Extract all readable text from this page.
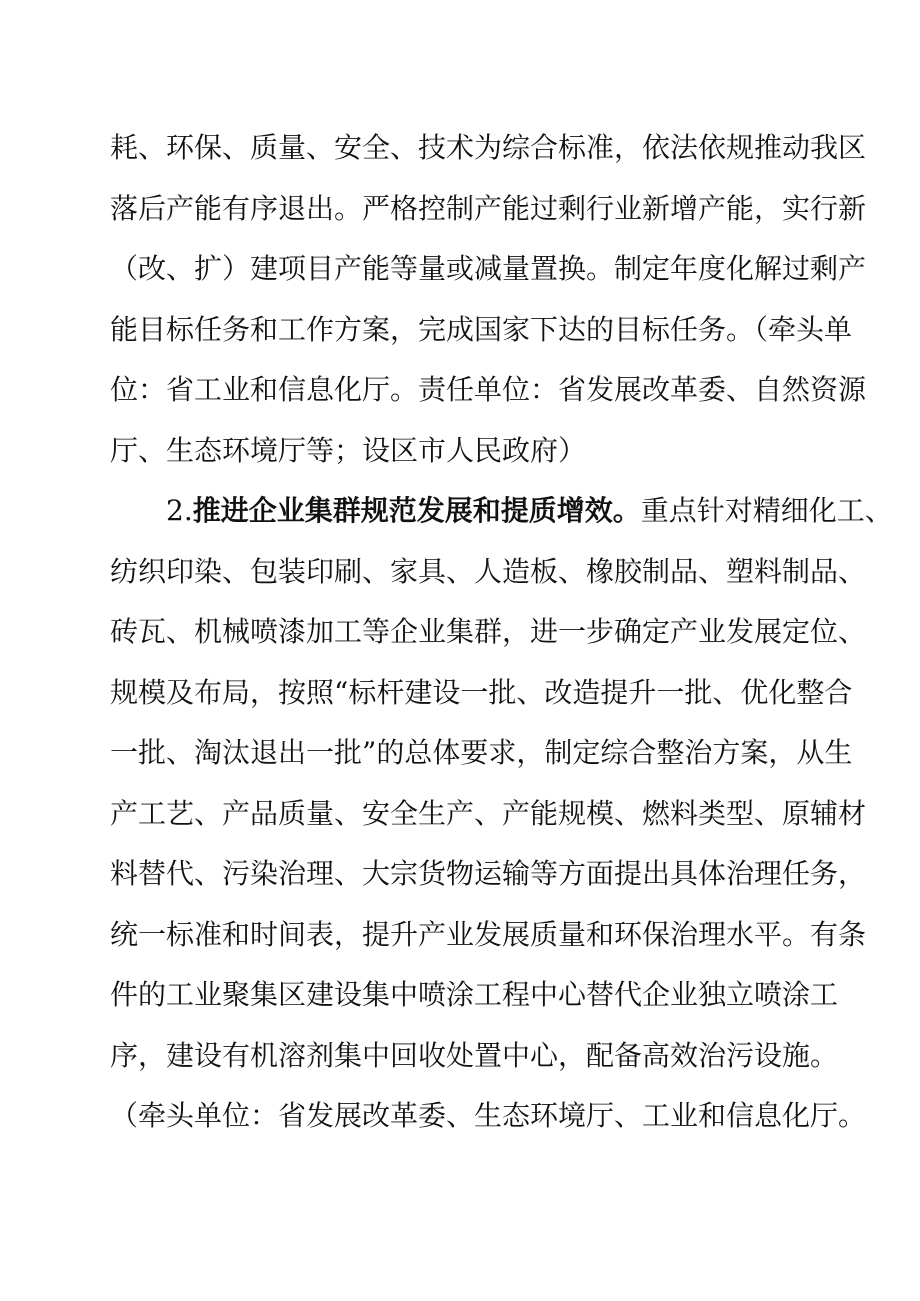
耗、环保、质量、安全、技术为综合标准，依法依规推动我区
落后产能有序退出。严格控制产能过剩行业新增产能，实行新
（改、扩）建项目产能等量或减量置换。制定年度化解过剩产
能目标任务和工作方案，完成国家下达的目标任务。（牵头单
位：省工业和信息化厅。责任单位：省发展改革委、自然资源
厅、生态环境厅等；设区市人民政府）
2.推进企业集群规范发展和提质增效。重点针对精细化工、
纺织印染、包装印刷、家具、人造板、橡胶制品、塑料制品、
砖瓦、机械喷漆加工等企业集群，进一步确定产业发展定位、
规模及布局，按照“标杆建设一批、改造提升一批、优化整合
一批、淘汰退出一批”的总体要求，制定综合整治方案，从生
产工艺、产品质量、安全生产、产能规模、燃料类型、原辅材
料替代、污染治理、大宗货物运输等方面提出具体治理任务，
统一标准和时间表，提升产业发展质量和环保治理水平。有条
件的工业聚集区建设集中喷涂工程中心替代企业独立喷涂工
序，建设有机溶剂集中回收处置中心，配备高效治污设施。
（牵头单位：省发展改革委、生态环境厅、工业和信息化厅。
